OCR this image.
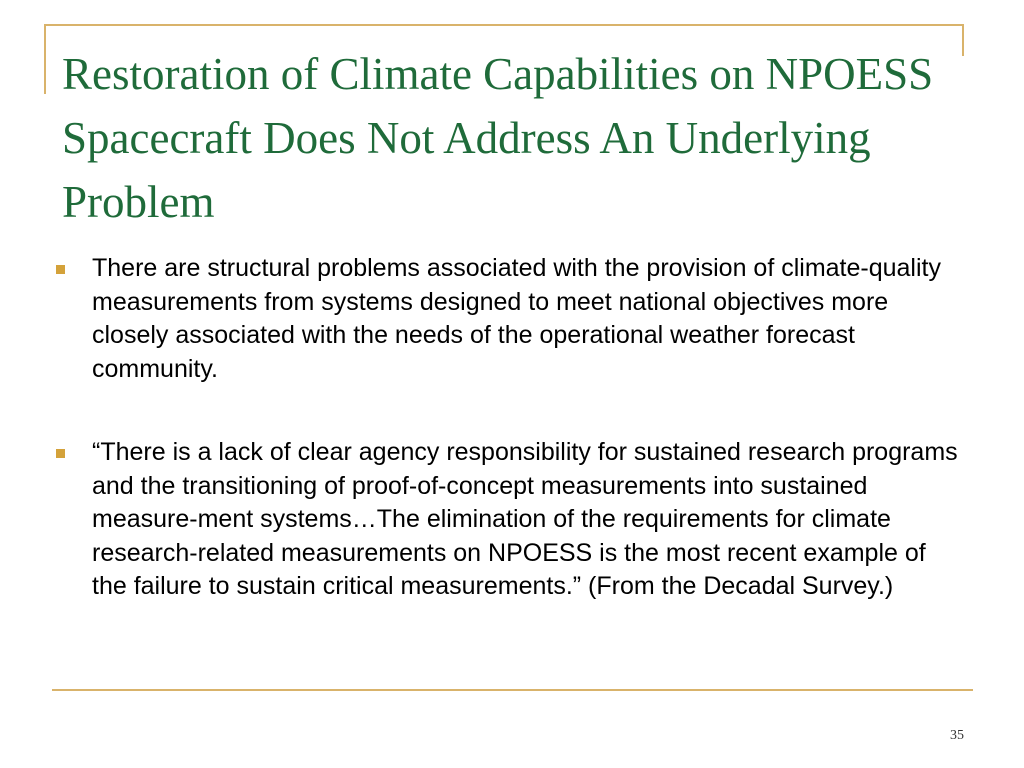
Restoration of Climate Capabilities on NPOESS Spacecraft Does Not Address An Underlying Problem
There are structural problems associated with the provision of climate-quality measurements from systems designed to meet national objectives more closely associated with the needs of the operational weather forecast community.
“There is a lack of clear agency responsibility for sustained research programs and the transitioning of proof-of-concept measurements into sustained measure-ment systems…The elimination of the requirements for climate research-related measurements on NPOESS is the most recent example of the failure to sustain critical measurements.” (From the Decadal Survey.)
35
